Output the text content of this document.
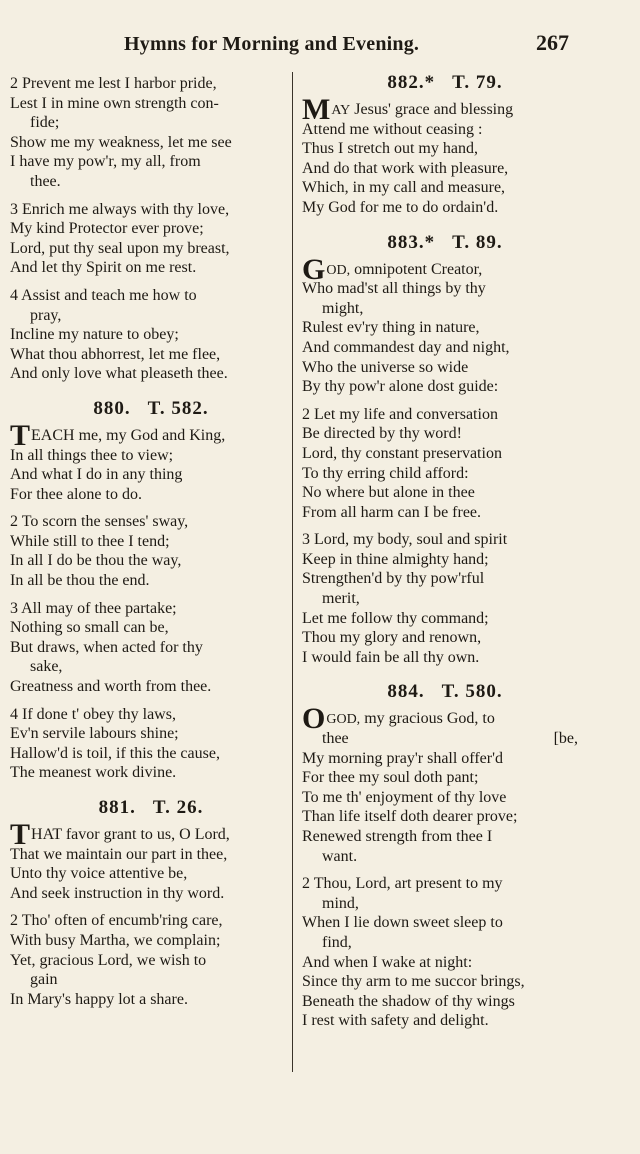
Hymns for Morning and Evening.	267
2 Prevent me lest I harbor pride,
Lest I in mine own strength con-
fide;
Show me my weakness, let me see
I have my pow'r, my all, from
thee.
3 Enrich me always with thy love,
My kind Protector ever prove;
Lord, put thy seal upon my breast,
And let thy Spirit on me rest.
4 Assist and teach me how to
pray,
Incline my nature to obey;
What thou abhorrest, let me flee,
And only love what pleaseth thee.
880. T. 582.
TEACH me, my God and King,
In all things thee to view;
And what I do in any thing
For thee alone to do.
2 To scorn the senses' sway,
While still to thee I tend;
In all I do be thou the way,
In all be thou the end.
3 All may of thee partake;
Nothing so small can be,
But draws, when acted for thy
sake,
Greatness and worth from thee.
4 If done t' obey thy laws,
Ev'n servile labours shine;
Hallow'd is toil, if this the cause,
The meanest work divine.
881. T. 26.
THAT favor grant to us, O Lord,
That we maintain our part in thee,
Unto thy voice attentive be,
And seek instruction in thy word.
2 Tho' often of encumb'ring care,
With busy Martha, we complain;
Yet, gracious Lord, we wish to
gain
In Mary's happy lot a share.
882.* T. 79.
MAY Jesus' grace and blessing
Attend me without ceasing :
Thus I stretch out my hand,
And do that work with pleasure,
Which, in my call and measure,
My God for me to do ordain'd.
883.* T. 89.
GOD, omnipotent Creator,
Who mad'st all things by thy
might,
Rulest ev'ry thing in nature,
And commandest day and night,
Who the universe so wide
By thy pow'r alone dost guide:
2 Let my life and conversation
Be directed by thy word!
Lord, thy constant preservation
To thy erring child afford:
No where but alone in thee
From all harm can I be free.
3 Lord, my body, soul and spirit
Keep in thine almighty hand;
Strengthen'd by thy pow'rful
merit,
Let me follow thy command;
Thou my glory and renown,
I would fain be all thy own.
884. T. 580.
OGOD, my gracious God, to
thee	[be,
My morning pray'r shall offer'd
For thee my soul doth pant;
To me th' enjoyment of thy love
Than life itself doth dearer prove;
Renewed strength from thee I
want.
2 Thou, Lord, art present to my
mind,
When I lie down sweet sleep to
find,
And when I wake at night:
Since thy arm to me succor brings,
Beneath the shadow of thy wings
I rest with safety and delight.
